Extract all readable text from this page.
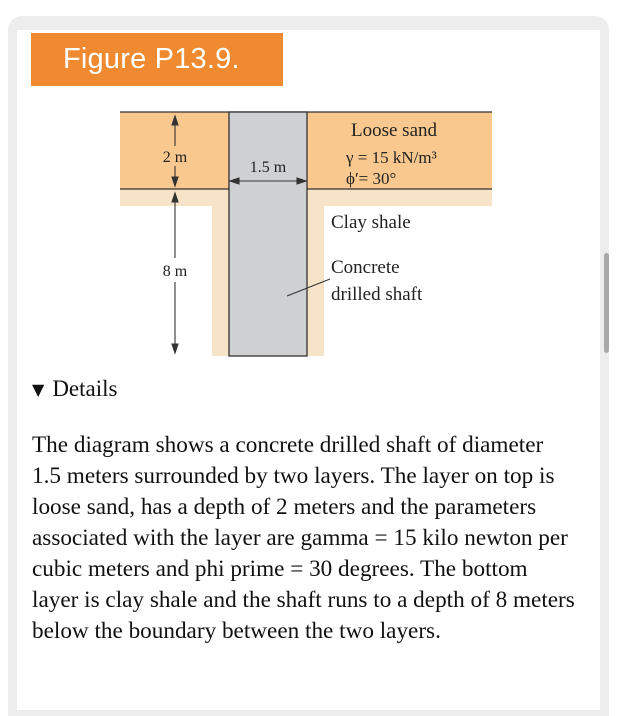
Figure P13.9.
2 m
8 m
1.5 m
Loose sand
γ = 15 kN/m³
ϕ′= 30°
Clay shale
Concrete
drilled shaft
▼ Details

The diagram shows a concrete drilled shaft of diameter 1.5 meters surrounded by two layers. The layer on top is loose sand, has a depth of 2 meters and the parameters associated with the layer are gamma = 15 kilo newton per cubic meters and phi prime = 30 degrees. The bottom layer is clay shale and the shaft runs to a depth of 8 meters below the boundary between the two layers.
